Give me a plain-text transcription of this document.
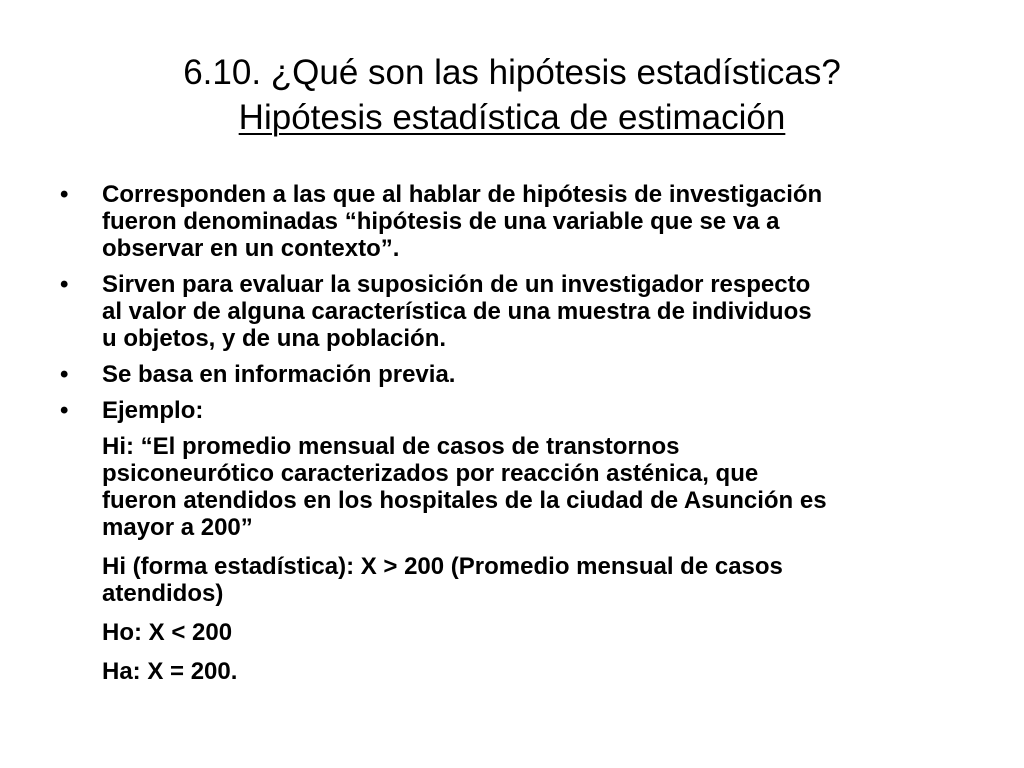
6.10. ¿Qué son las hipótesis estadísticas?
Hipótesis estadística de estimación
•	Corresponden a las que al hablar de hipótesis de investigación
fueron denominadas “hipótesis de una variable que se va a
observar en un contexto”.
•	Sirven para evaluar la suposición de un investigador respecto
al valor de alguna característica de una muestra de individuos
u objetos, y de una población.
•	Se basa en información previa.
•	Ejemplo:
Hi: “El promedio mensual de casos de transtornos
psiconeurótico caracterizados por reacción asténica, que
fueron atendidos en los hospitales de la ciudad de Asunción es
mayor a 200”
Hi (forma estadística): X > 200 (Promedio mensual de casos
atendidos)
Ho: X < 200
Ha: X = 200.
